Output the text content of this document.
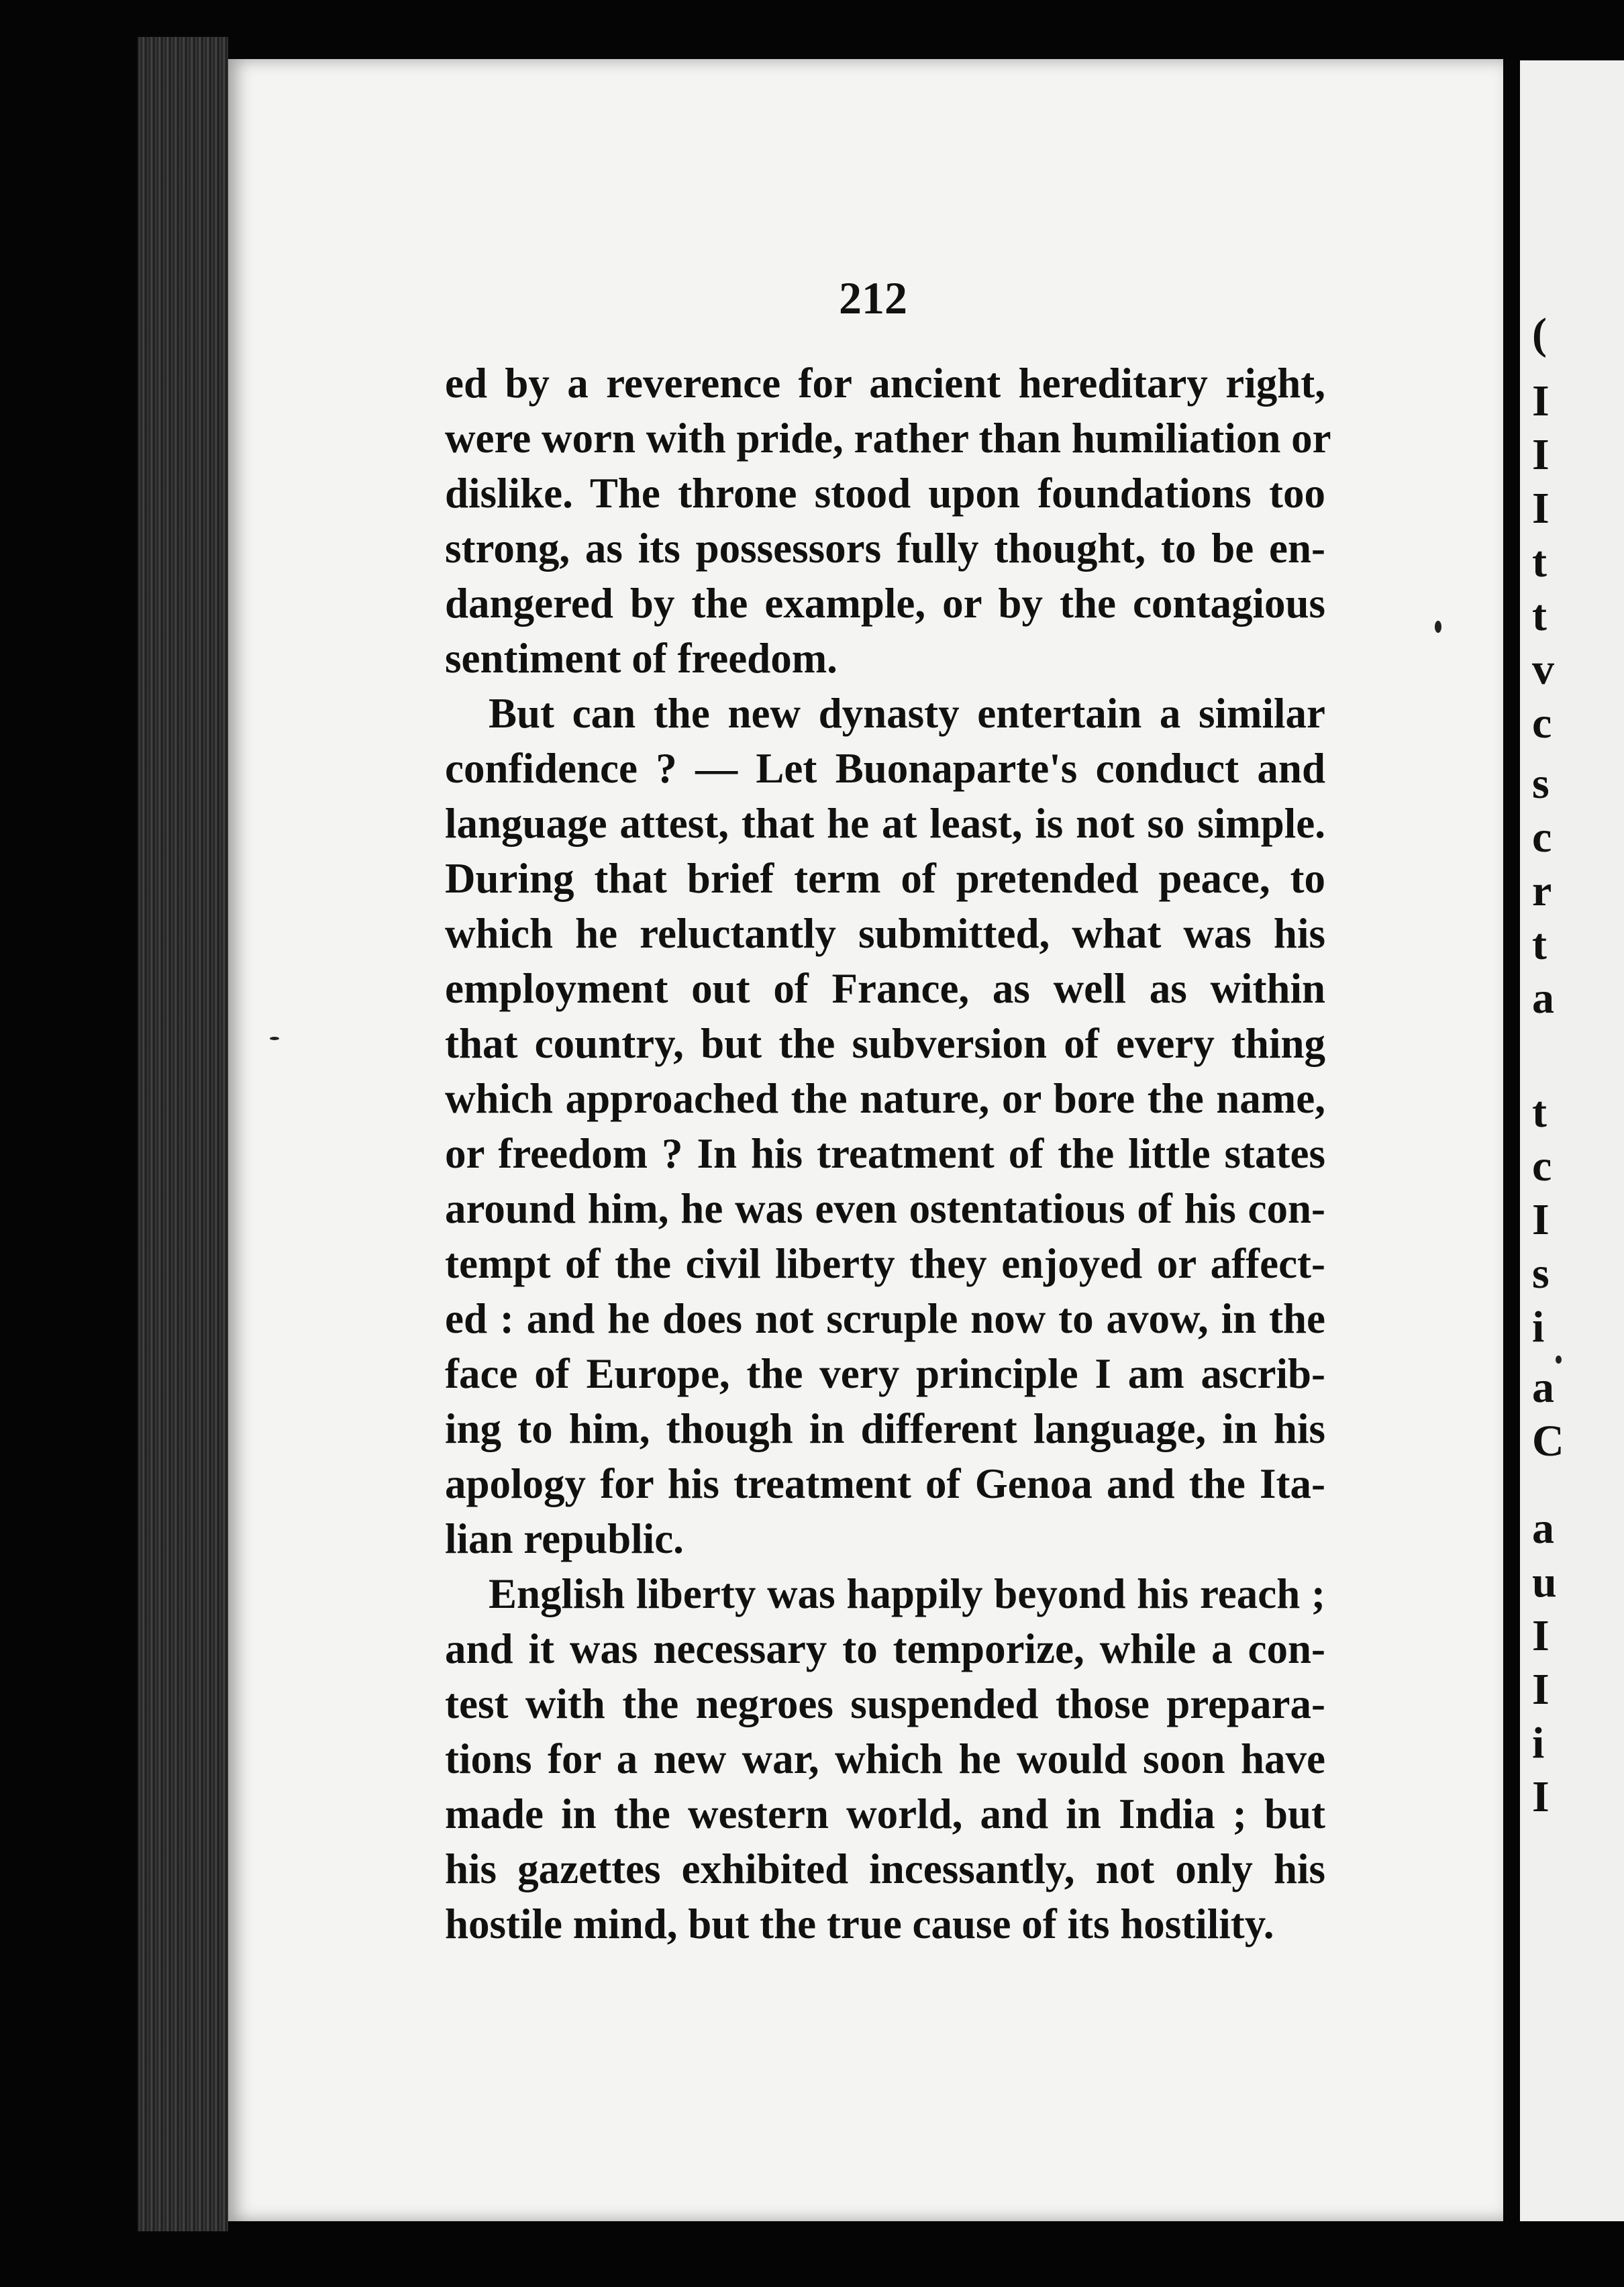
(
I
I
I
t
t
v
c
s
c
r
t
a
t
c
I
s
i
a
C
a
u
I
I
i
I
212
ed by a reverence for ancient hereditary right,
were worn with pride, rather than humiliation or
dislike. The throne stood upon foundations too
strong, as its possessors fully thought, to be en-
dangered by the example, or by the contagious
sentiment of freedom.
But can the new dynasty entertain a similar
confidence ? — Let Buonaparte's conduct and
language attest, that he at least, is not so simple.
During that brief term of pretended peace, to
which he reluctantly submitted, what was his
employment out of France, as well as within
that country, but the subversion of every thing
which approached the nature, or bore the name,
or freedom ? In his treatment of the little states
around him, he was even ostentatious of his con-
tempt of the civil liberty they enjoyed or affect-
ed : and he does not scruple now to avow, in the
face of Europe, the very principle I am ascrib-
ing to him, though in different language, in his
apology for his treatment of Genoa and the Ita-
lian republic.
English liberty was happily beyond his reach ;
and it was necessary to temporize, while a con-
test with the negroes suspended those prepara-
tions for a new war, which he would soon have
made in the western world, and in India ; but
his gazettes exhibited incessantly, not only his
hostile mind, but the true cause of its hostility.
